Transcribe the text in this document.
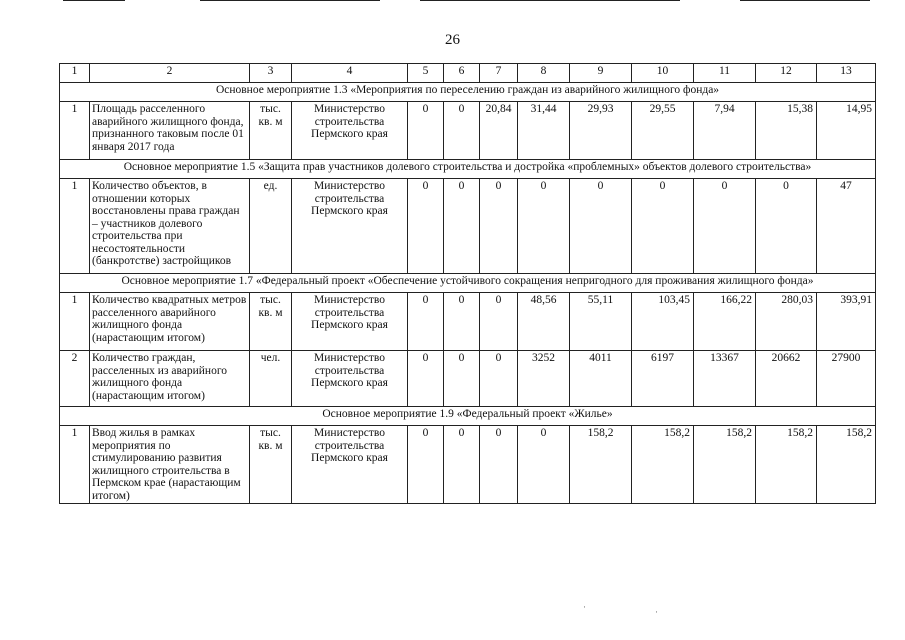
26
1	2	3	4	5	6	7	8	9	10	11	12	13
Основное мероприятие 1.3 «Мероприятия по переселению граждан из аварийного жилищного фонда»												
1	Площадь расселенного аварийного жилищного фонда, признанного таковым после 01 января 2017 года	тыс. кв. м	Министерство строительства Пермского края	0	0	20,84	31,44	29,93	29,55	7,94	15,38	14,95
Основное мероприятие 1.5 «Защита прав участников долевого строительства и достройка «проблемных» объектов долевого строительства»												
1	Количество объектов, в отношении которых восстановлены права граждан – участников долевого строительства при несостоятельности (банкротстве) застройщиков	ед.	Министерство строительства Пермского края	0	0	0	0	0	0	0	0	47
Основное мероприятие 1.7 «Федеральный проект «Обеспечение устойчивого сокращения непригодного для проживания жилищного фонда»												
1	Количество квадратных метров расселенного аварийного жилищного фонда (нарастающим итогом)	тыс. кв. м	Министерство строительства Пермского края	0	0	0	48,56	55,11	103,45	166,22	280,03	393,91
2	Количество граждан, расселенных из аварийного жилищного фонда (нарастающим итогом)	чел.	Министерство строительства Пермского края	0	0	0	3252	4011	6197	13367	20662	27900
Основное мероприятие 1.9 «Федеральный проект «Жилье»												
1	Ввод жилья в рамках мероприятия по стимулированию развития жилищного строительства в Пермском крае (нарастающим итогом)	тыс. кв. м	Министерство строительства Пермского края	0	0	0	0	158,2	158,2	158,2	158,2	158,2
·	·
